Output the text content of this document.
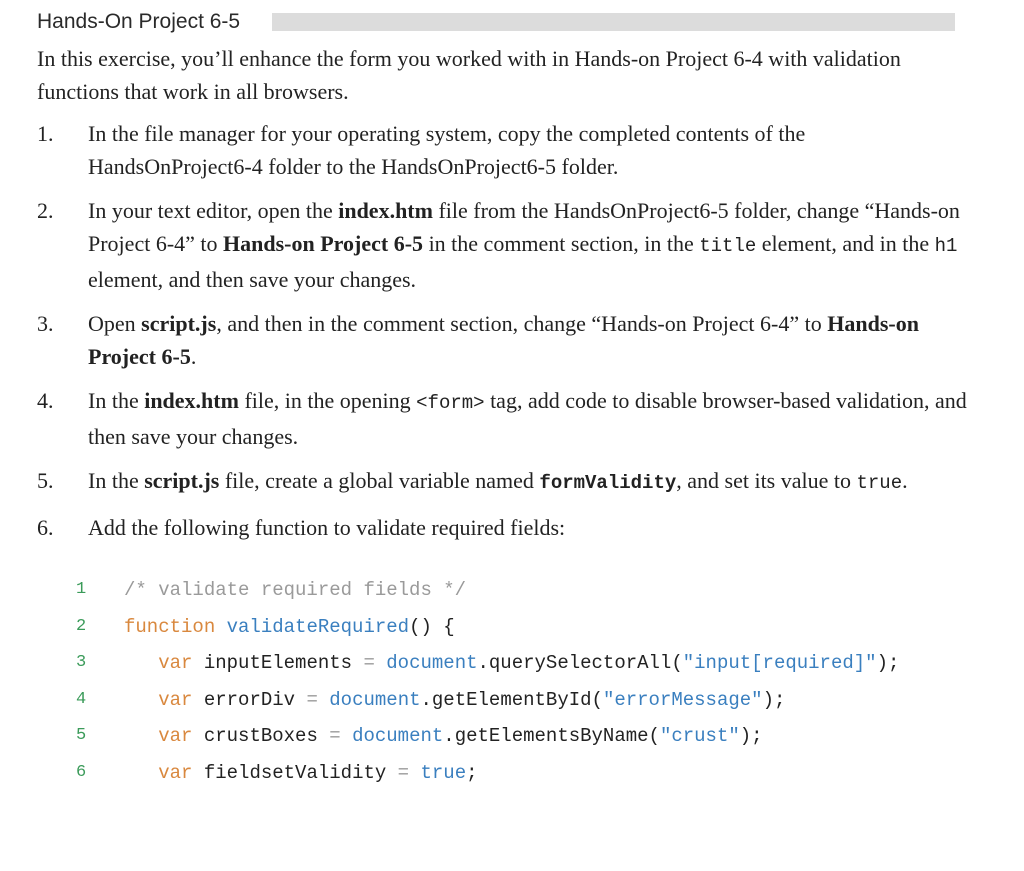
Hands-On Project 6-5
In this exercise, you’ll enhance the form you worked with in Hands-on Project 6-4 with validation functions that work in all browsers.
1. In the file manager for your operating system, copy the completed contents of the HandsOnProject6-4 folder to the HandsOnProject6-5 folder.
2. In your text editor, open the index.htm file from the HandsOnProject6-5 folder, change “Hands-on Project 6-4” to Hands-on Project 6-5 in the comment section, in the title element, and in the h1 element, and then save your changes.
3. Open script.js, and then in the comment section, change “Hands-on Project 6-4” to Hands-on Project 6-5.
4. In the index.htm file, in the opening <form> tag, add code to disable browser-based validation, and then save your changes.
5. In the script.js file, create a global variable named formValidity, and set its value to true.
6. Add the following function to validate required fields:

1

/* validate required fields */

2

function validateRequired() {

3

	var inputElements = document.querySelectorAll("input[required]");

4

	var errorDiv = document.getElementById("errorMessage");

5

	var crustBoxes = document.getElementsByName("crust");

6

	var fieldsetValidity = true;
